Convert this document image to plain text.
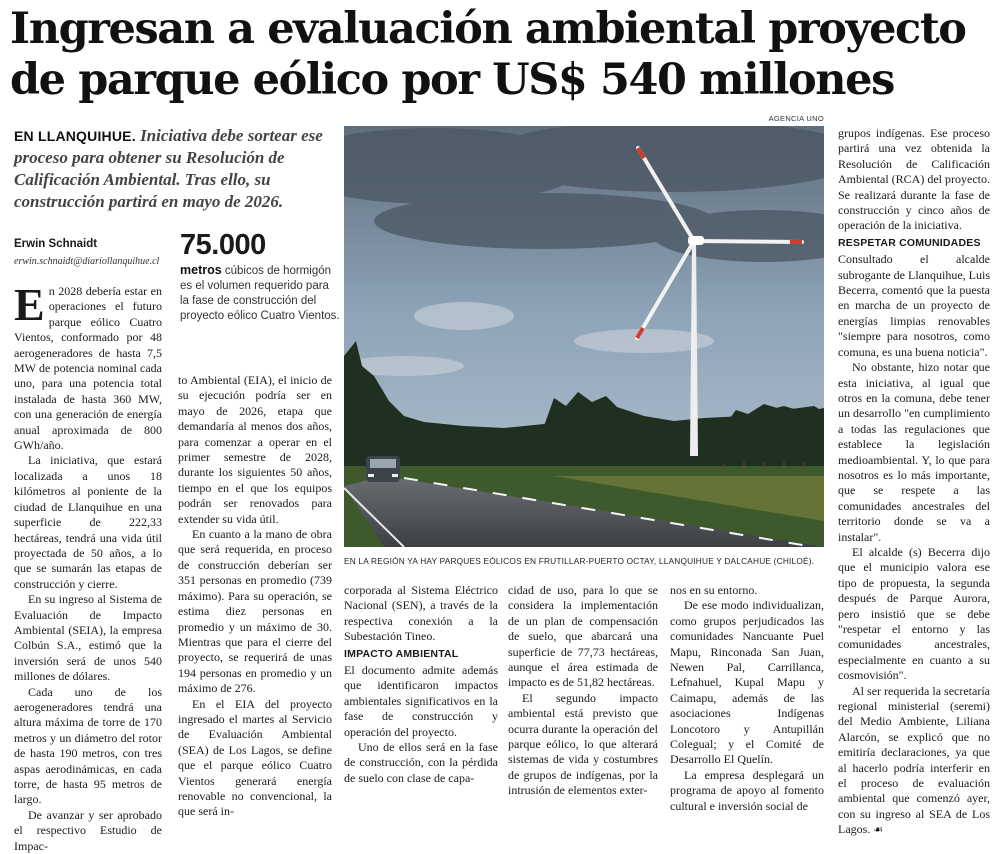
Ingresan a evaluación ambiental proyecto de parque eólico por US$ 540 millones
EN LLANQUIHUE. Iniciativa debe sortear ese proceso para obtener su Resolución de Calificación Ambiental. Tras ello, su construcción partirá en mayo de 2026.
Erwin Schnaidt
erwin.schnaidt@diariollanquihue.cl
75.000
metros cúbicos de hormigón es el volumen requerido para la fase de construcción del proyecto eólico Cuatro Vientos.

En 2028 debería estar en operaciones el futuro parque eólico Cuatro Vientos, conformado por 48 aerogeneradores de hasta 7,5 MW de potencia nominal cada uno, para una potencia total instalada de hasta 360 MW, con una generación de energía anual aproximada de 800 GWh/año.

La iniciativa, que estará localizada a unos 18 kilómetros al poniente de la ciudad de Llanquihue en una superficie de 222,33 hectáreas, tendrá una vida útil proyectada de 50 años, a lo que se sumarán las etapas de construcción y cierre.

En su ingreso al Sistema de Evaluación de Impacto Ambiental (SEIA), la empresa Colbún S.A., estimó que la inversión será de unos 540 millones de dólares.

Cada uno de los aerogeneradores tendrá una altura máxima de torre de 170 metros y un diámetro del rotor de hasta 190 metros, con tres aspas aerodinámicas, en cada torre, de hasta 95 metros de largo.

De avanzar y ser aprobado el respectivo Estudio de Impac-

to Ambiental (EIA), el inicio de su ejecución podría ser en mayo de 2026, etapa que demandaría al menos dos años, para comenzar a operar en el primer semestre de 2028, durante los siguientes 50 años, tiempo en el que los equipos podrán ser renovados para extender su vida útil.

En cuanto a la mano de obra que será requerida, en proceso de construcción deberían ser 351 personas en promedio (739 máximo). Para su operación, se estima diez personas en promedio y un máximo de 30. Mientras que para el cierre del proyecto, se requerirá de unas 194 personas en promedio y un máximo de 276.

En el EIA del proyecto ingresado el martes al Servicio de Evaluación Ambiental (SEA) de Los Lagos, se define que el parque eólico Cuatro Vientos generará energía renovable no convencional, la que será in-

AGENCIA UNO
EN LA REGIÓN YA HAY PARQUES EÓLICOS EN FRUTILLAR-PUERTO OCTAY, LLANQUIHUE Y DALCAHUE (CHILOÉ).

corporada al Sistema Eléctrico Nacional (SEN), a través de la respectiva conexión a la Subestación Tineo.

IMPACTO AMBIENTAL

El documento admite además que identificaron impactos ambientales significativos en la fase de construcción y operación del proyecto.

Uno de ellos será en la fase de construcción, con la pérdida de suelo con clase de capa-

cidad de uso, para lo que se considera la implementación de un plan de compensación de suelo, que abarcará una superficie de 77,73 hectáreas, aunque el área estimada de impacto es de 51,82 hectáreas.

El segundo impacto ambiental está previsto que ocurra durante la operación del parque eólico, lo que alterará sistemas de vida y costumbres de grupos de indígenas, por la intrusión de elementos exter-

nos en su entorno.

De ese modo individualizan, como grupos perjudicados las comunidades Nancuante Puel Mapu, Rinconada San Juan, Newen Pal, Carrillanca, Lefnahuel, Kupal Mapu y Caimapu, además de las asociaciones Indígenas Loncotoro y Antupillán Colegual; y el Comité de Desarrollo El Quelín.

La empresa desplegará un programa de apoyo al fomento cultural e inversión social de

grupos indígenas. Ese proceso partirá una vez obtenida la Resolución de Calificación Ambiental (RCA) del proyecto. Se realizará durante la fase de construcción y cinco años de operación de la iniciativa.

RESPETAR COMUNIDADES

Consultado el alcalde subrogante de Llanquihue, Luis Becerra, comentó que la puesta en marcha de un proyecto de energías limpias renovables "siempre para nosotros, como comuna, es una buena noticia".

No obstante, hizo notar que esta iniciativa, al igual que otros en la comuna, debe tener un desarrollo "en cumplimiento a todas las regulaciones que establece la legislación medioambiental. Y, lo que para nosotros es lo más importante, que se respete a las comunidades ancestrales del territorio donde se va a instalar".

El alcalde (s) Becerra dijo que el municipio valora ese tipo de propuesta, la segunda después de Parque Aurora, pero insistió que se debe "respetar el entorno y las comunidades ancestrales, especialmente en cuanto a su cosmovisión".

Al ser requerida la secretaría regional ministerial (seremi) del Medio Ambiente, Liliana Alarcón, se explicó que no emitiría declaraciones, ya que al hacerlo podría interferir en el proceso de evaluación ambiental que comenzó ayer, con su ingreso al SEA de Los Lagos. ☙
